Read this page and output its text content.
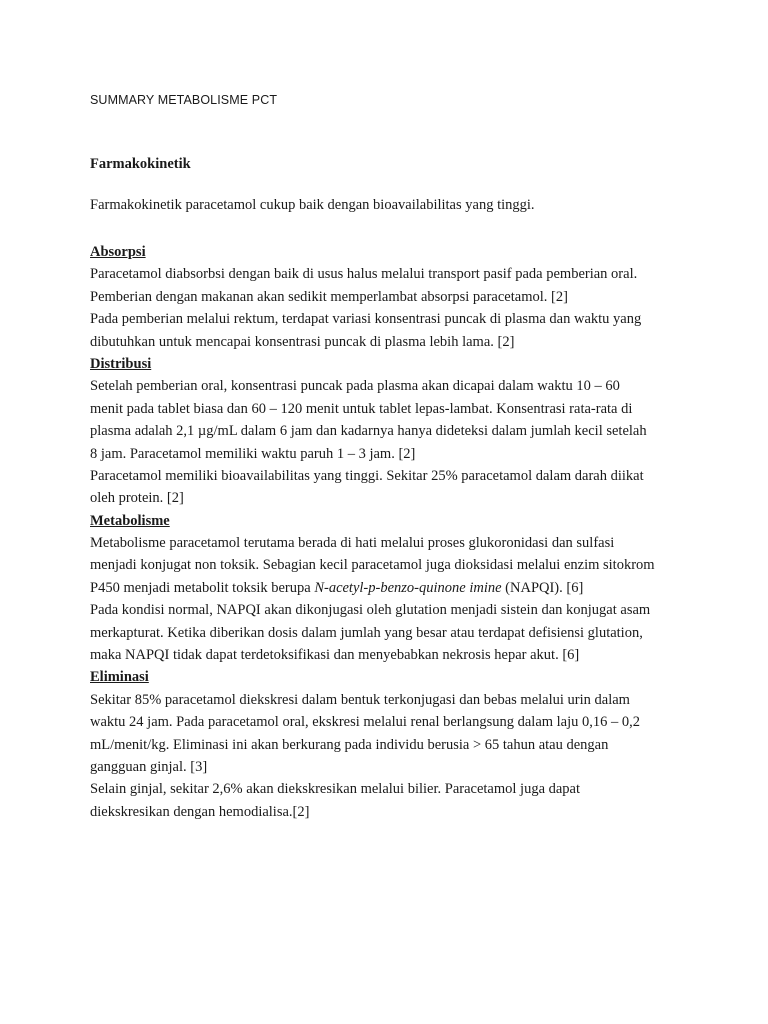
SUMMARY METABOLISME PCT
Farmakokinetik
Farmakokinetik paracetamol cukup baik dengan bioavailabilitas yang tinggi.
Absorpsi
Paracetamol diabsorbsi dengan baik di usus halus melalui transport pasif pada pemberian oral.
Pemberian dengan makanan akan sedikit memperlambat absorpsi paracetamol. [2]
Pada pemberian melalui rektum, terdapat variasi konsentrasi puncak di plasma dan waktu yang
dibutuhkan untuk mencapai konsentrasi puncak di plasma lebih lama. [2]
Distribusi
Setelah pemberian oral, konsentrasi puncak pada plasma akan dicapai dalam waktu 10 – 60
menit pada tablet biasa dan 60 – 120 menit untuk tablet lepas-lambat. Konsentrasi rata-rata di
plasma adalah 2,1 µg/mL dalam 6 jam dan kadarnya hanya dideteksi dalam jumlah kecil setelah
8 jam. Paracetamol memiliki waktu paruh 1 – 3 jam. [2]
Paracetamol memiliki bioavailabilitas yang tinggi. Sekitar 25% paracetamol dalam darah diikat
oleh protein. [2]
Metabolisme
Metabolisme paracetamol terutama berada di hati melalui proses glukoronidasi dan sulfasi
menjadi konjugat non toksik. Sebagian kecil paracetamol juga dioksidasi melalui enzim sitokrom
P450 menjadi metabolit toksik berupa N-acetyl-p-benzo-quinone imine (NAPQI). [6]
Pada kondisi normal, NAPQI akan dikonjugasi oleh glutation menjadi sistein dan konjugat asam
merkapturat. Ketika diberikan dosis dalam jumlah yang besar atau terdapat defisiensi glutation,
maka NAPQI tidak dapat terdetoksifikasi dan menyebabkan nekrosis hepar akut. [6]
Eliminasi
Sekitar 85% paracetamol diekskresi dalam bentuk terkonjugasi dan bebas melalui urin dalam
waktu 24 jam. Pada paracetamol oral, ekskresi melalui renal berlangsung dalam laju 0,16 – 0,2
mL/menit/kg. Eliminasi ini akan berkurang pada individu berusia > 65 tahun atau dengan
gangguan ginjal. [3]
Selain ginjal, sekitar 2,6% akan diekskresikan melalui bilier. Paracetamol juga dapat
diekskresikan dengan hemodialisa.[2]
